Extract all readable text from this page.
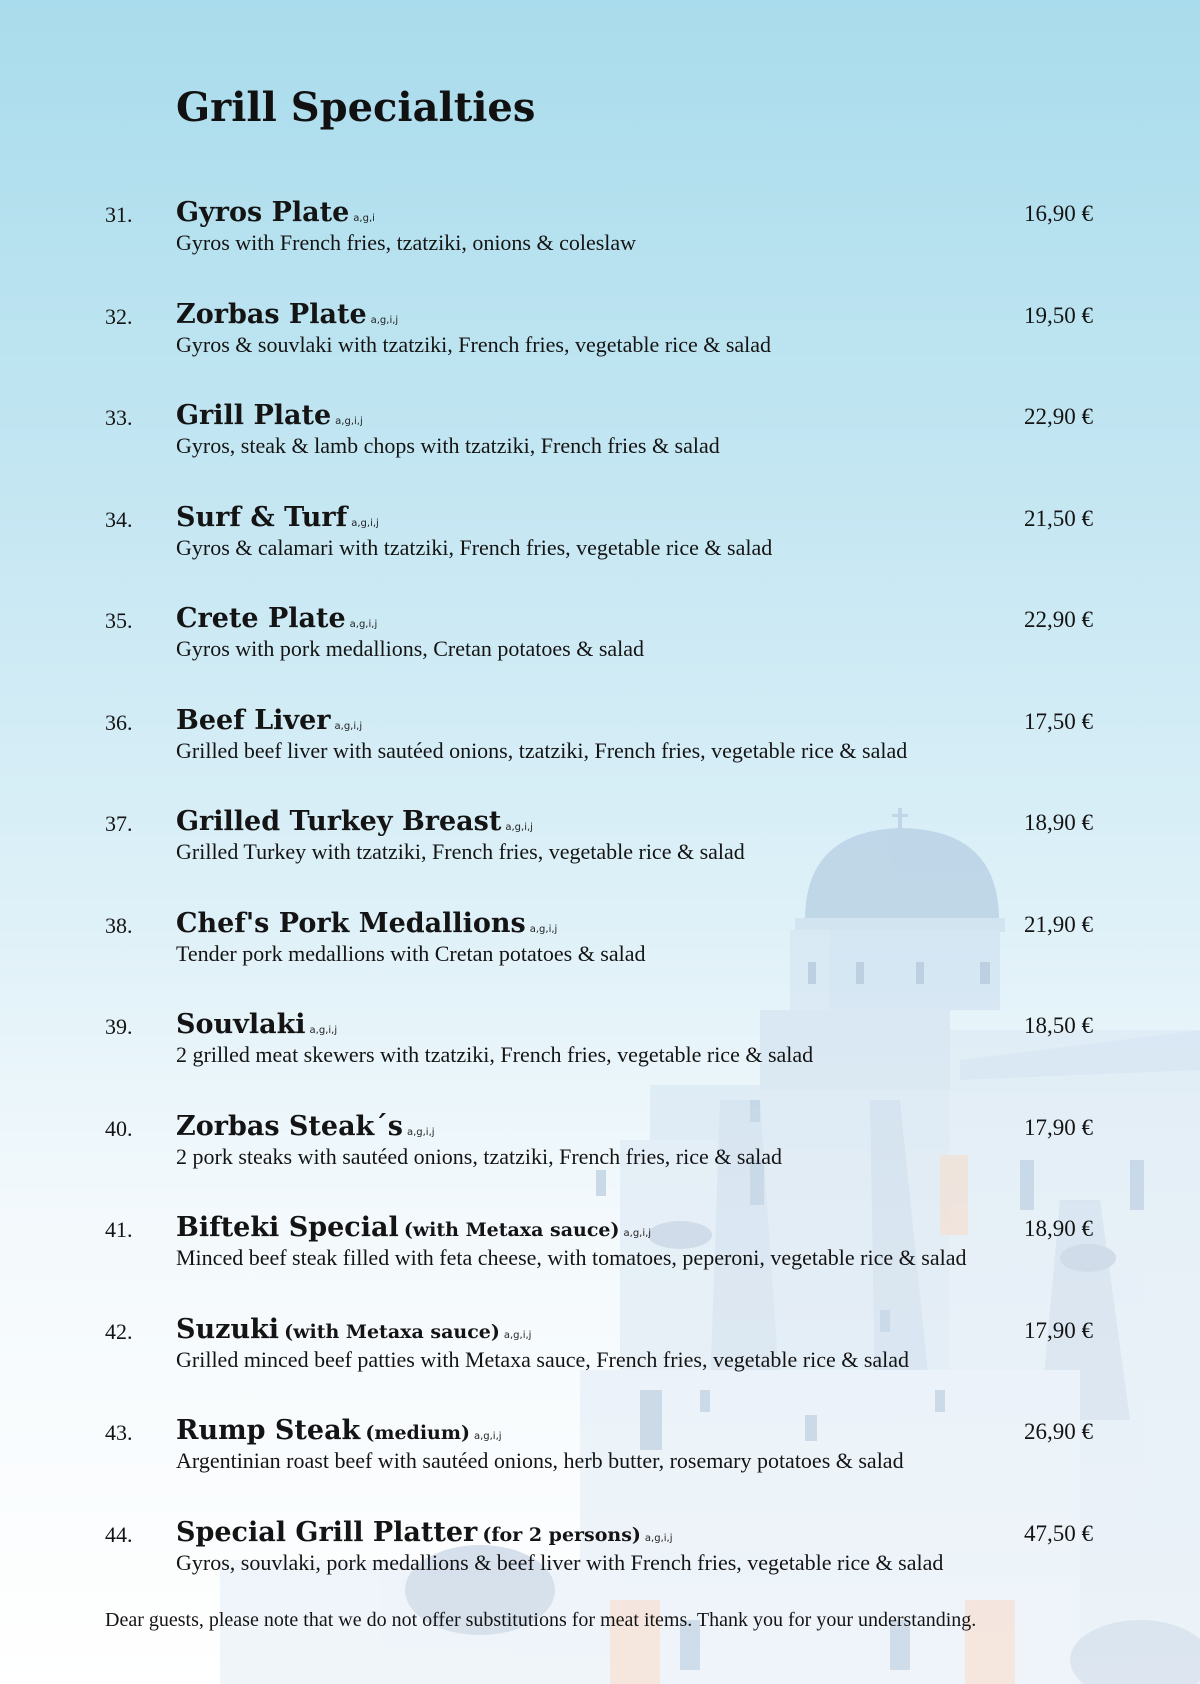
Grill Specialties
31. Gyros Plate a,g,i	16,90 €
Gyros with French fries, tzatziki, onions & coleslaw
32. Zorbas Plate a,g,i,j	19,50 €
Gyros & souvlaki with tzatziki, French fries, vegetable rice & salad
33. Grill Plate a,g,i,j	22,90 €
Gyros, steak & lamb chops with tzatziki, French fries & salad
34. Surf & Turf a,g,i,j	21,50 €
Gyros & calamari with tzatziki, French fries, vegetable rice & salad
35. Crete Plate a,g,i,j	22,90 €
Gyros with pork medallions, Cretan potatoes & salad
36. Beef Liver a,g,i,j	17,50 €
Grilled beef liver with sautéed onions, tzatziki, French fries, vegetable rice & salad
37. Grilled Turkey Breast a,g,i,j	18,90 €
Grilled Turkey with tzatziki, French fries, vegetable rice & salad
38. Chef's Pork Medallions a,g,i,j	21,90 €
Tender pork medallions with Cretan potatoes & salad
39. Souvlaki a,g,i,j	18,50 €
2 grilled meat skewers with tzatziki, French fries, vegetable rice & salad
40. Zorbas Steak´s a,g,i,j	17,90 €
2 pork steaks with sautéed onions, tzatziki, French fries, rice & salad
41. Bifteki Special (with Metaxa sauce) a,g,i,j	18,90 €
Minced beef steak filled with feta cheese, with tomatoes, peperoni, vegetable rice & salad
42. Suzuki (with Metaxa sauce) a,g,i,j	17,90 €
Grilled minced beef patties with Metaxa sauce, French fries, vegetable rice & salad
43. Rump Steak (medium) a,g,i,j	26,90 €
Argentinian roast beef with sautéed onions, herb butter, rosemary potatoes & salad
44. Special Grill Platter (for 2 persons) a,g,i,j	47,50 €
Gyros, souvlaki, pork medallions & beef liver with French fries, vegetable rice & salad
Dear guests, please note that we do not offer substitutions for meat items. Thank you for your understanding.
